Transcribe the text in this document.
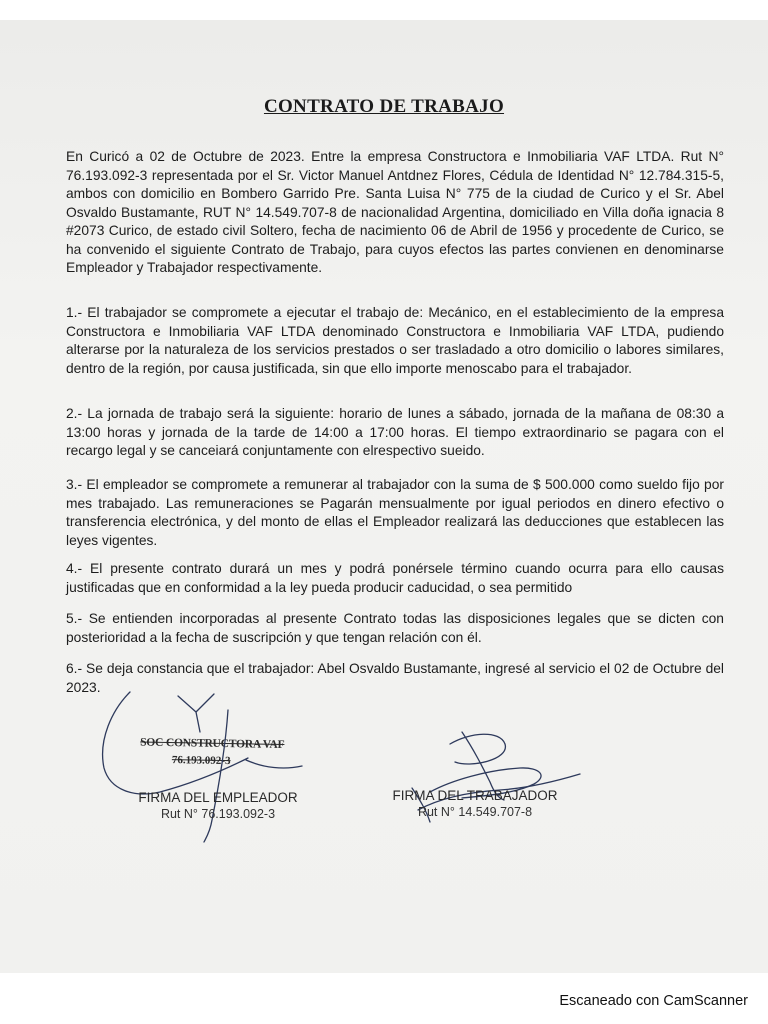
CONTRATO DE TRABAJO

En Curicó a 02 de Octubre de 2023. Entre la empresa Constructora e Inmobiliaria VAF LTDA. Rut N° 76.193.092-3 representada por el Sr. Victor Manuel Antdnez Flores, Cédula de Identidad N° 12.784.315-5, ambos con domicilio en Bombero Garrido Pre. Santa Luisa N° 775 de la ciudad de Curico y el Sr. Abel Osvaldo Bustamante, RUT N° 14.549.707-8 de nacionalidad Argentina, domiciliado en Villa doña ignacia 8 #2073 Curico, de estado civil Soltero, fecha de nacimiento 06 de Abril de 1956 y procedente de Curico, se ha convenido el siguiente Contrato de Trabajo, para cuyos efectos las partes convienen en denominarse Empleador y Trabajador respectivamente.

1.- El trabajador se compromete a ejecutar el trabajo de: Mecánico, en el establecimiento de la empresa Constructora e Inmobiliaria VAF LTDA denominado Constructora e Inmobiliaria VAF LTDA, pudiendo alterarse por la naturaleza de los servicios prestados o ser trasladado a otro domicilio o labores similares, dentro de la región, por causa justificada, sin que ello importe menoscabo para el trabajador.

2.- La jornada de trabajo será la siguiente: horario de lunes a sábado, jornada de la mañana de 08:30 a 13:00 horas y jornada de la tarde de 14:00 a 17:00 horas. El tiempo extraordinario se pagara con el recargo legal y se canceiará conjuntamente con elrespectivo sueido.

3.- El empleador se compromete a remunerar al trabajador con la suma de $ 500.000 como sueldo fijo por mes trabajado. Las remuneraciones se Pagarán mensualmente por igual periodos en dinero efectivo o transferencia electrónica, y del monto de ellas el Empleador realizará las deducciones que establecen las leyes vigentes.

4.- El presente contrato durará un mes y podrá ponérsele término cuando ocurra para ello causas justificadas que en conformidad a la ley pueda producir caducidad, o sea permitido

5.- Se entienden incorporadas al presente Contrato todas las disposiciones legales que se dicten con posterioridad a la fecha de suscripción y que tengan relación con él.

6.- Se deja constancia que el trabajador: Abel Osvaldo Bustamante, ingresé al servicio el 02 de Octubre del 2023.

SOC CONSTRUCTORA VAF
76.193.092-3
FIRMA DEL EMPLEADOR
Rut N° 76.193.092-3
FIRMA DEL TRABAJADOR
Rut N° 14.549.707-8
Escaneado con CamScanner
